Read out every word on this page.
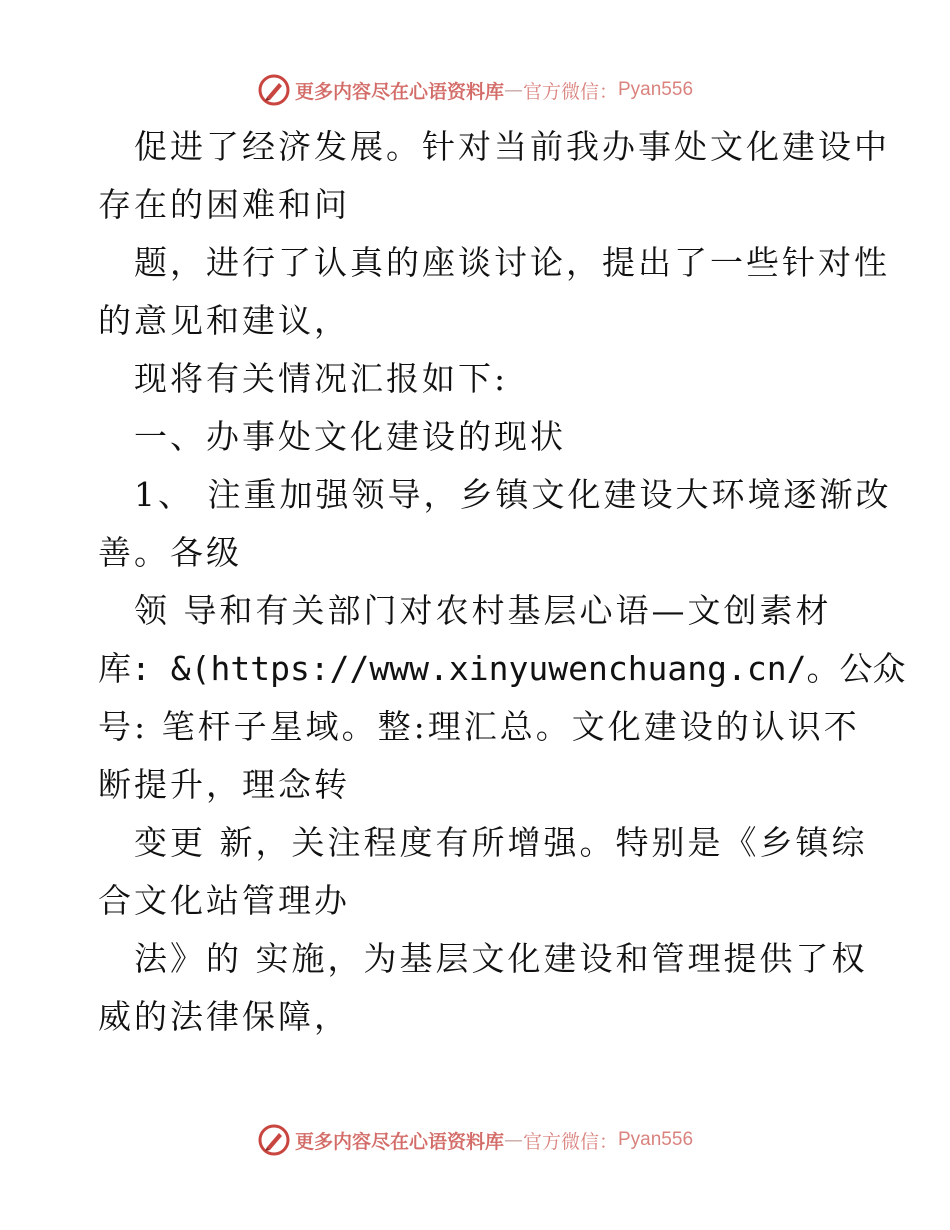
更多内容尽在心语资料库 — 官方微信： Pyan556
促进了经济发展。针对当前我办事处文化建设中
存在的困难和问
题，进行了认真的座谈讨论，提出了一些针对性
的意见和建议，
现将有关情况汇报如下:
一、办事处文化建设的现状
1、 注重加强领导，乡镇文化建设大环境逐渐改
善。各级
领 导和有关部门对农村基层心语—文创素材
库: &(https://www.xinyuwenchuang.cn/。公众
号: 笔杆子星域。整:理汇总。文化建设的认识不
断提升，理念转
变更 新，关注程度有所增强。特别是《乡镇综
合文化站管理办
法》的 实施，为基层文化建设和管理提供了权
威的法律保障，
更多内容尽在心语资料库 — 官方微信： Pyan556
